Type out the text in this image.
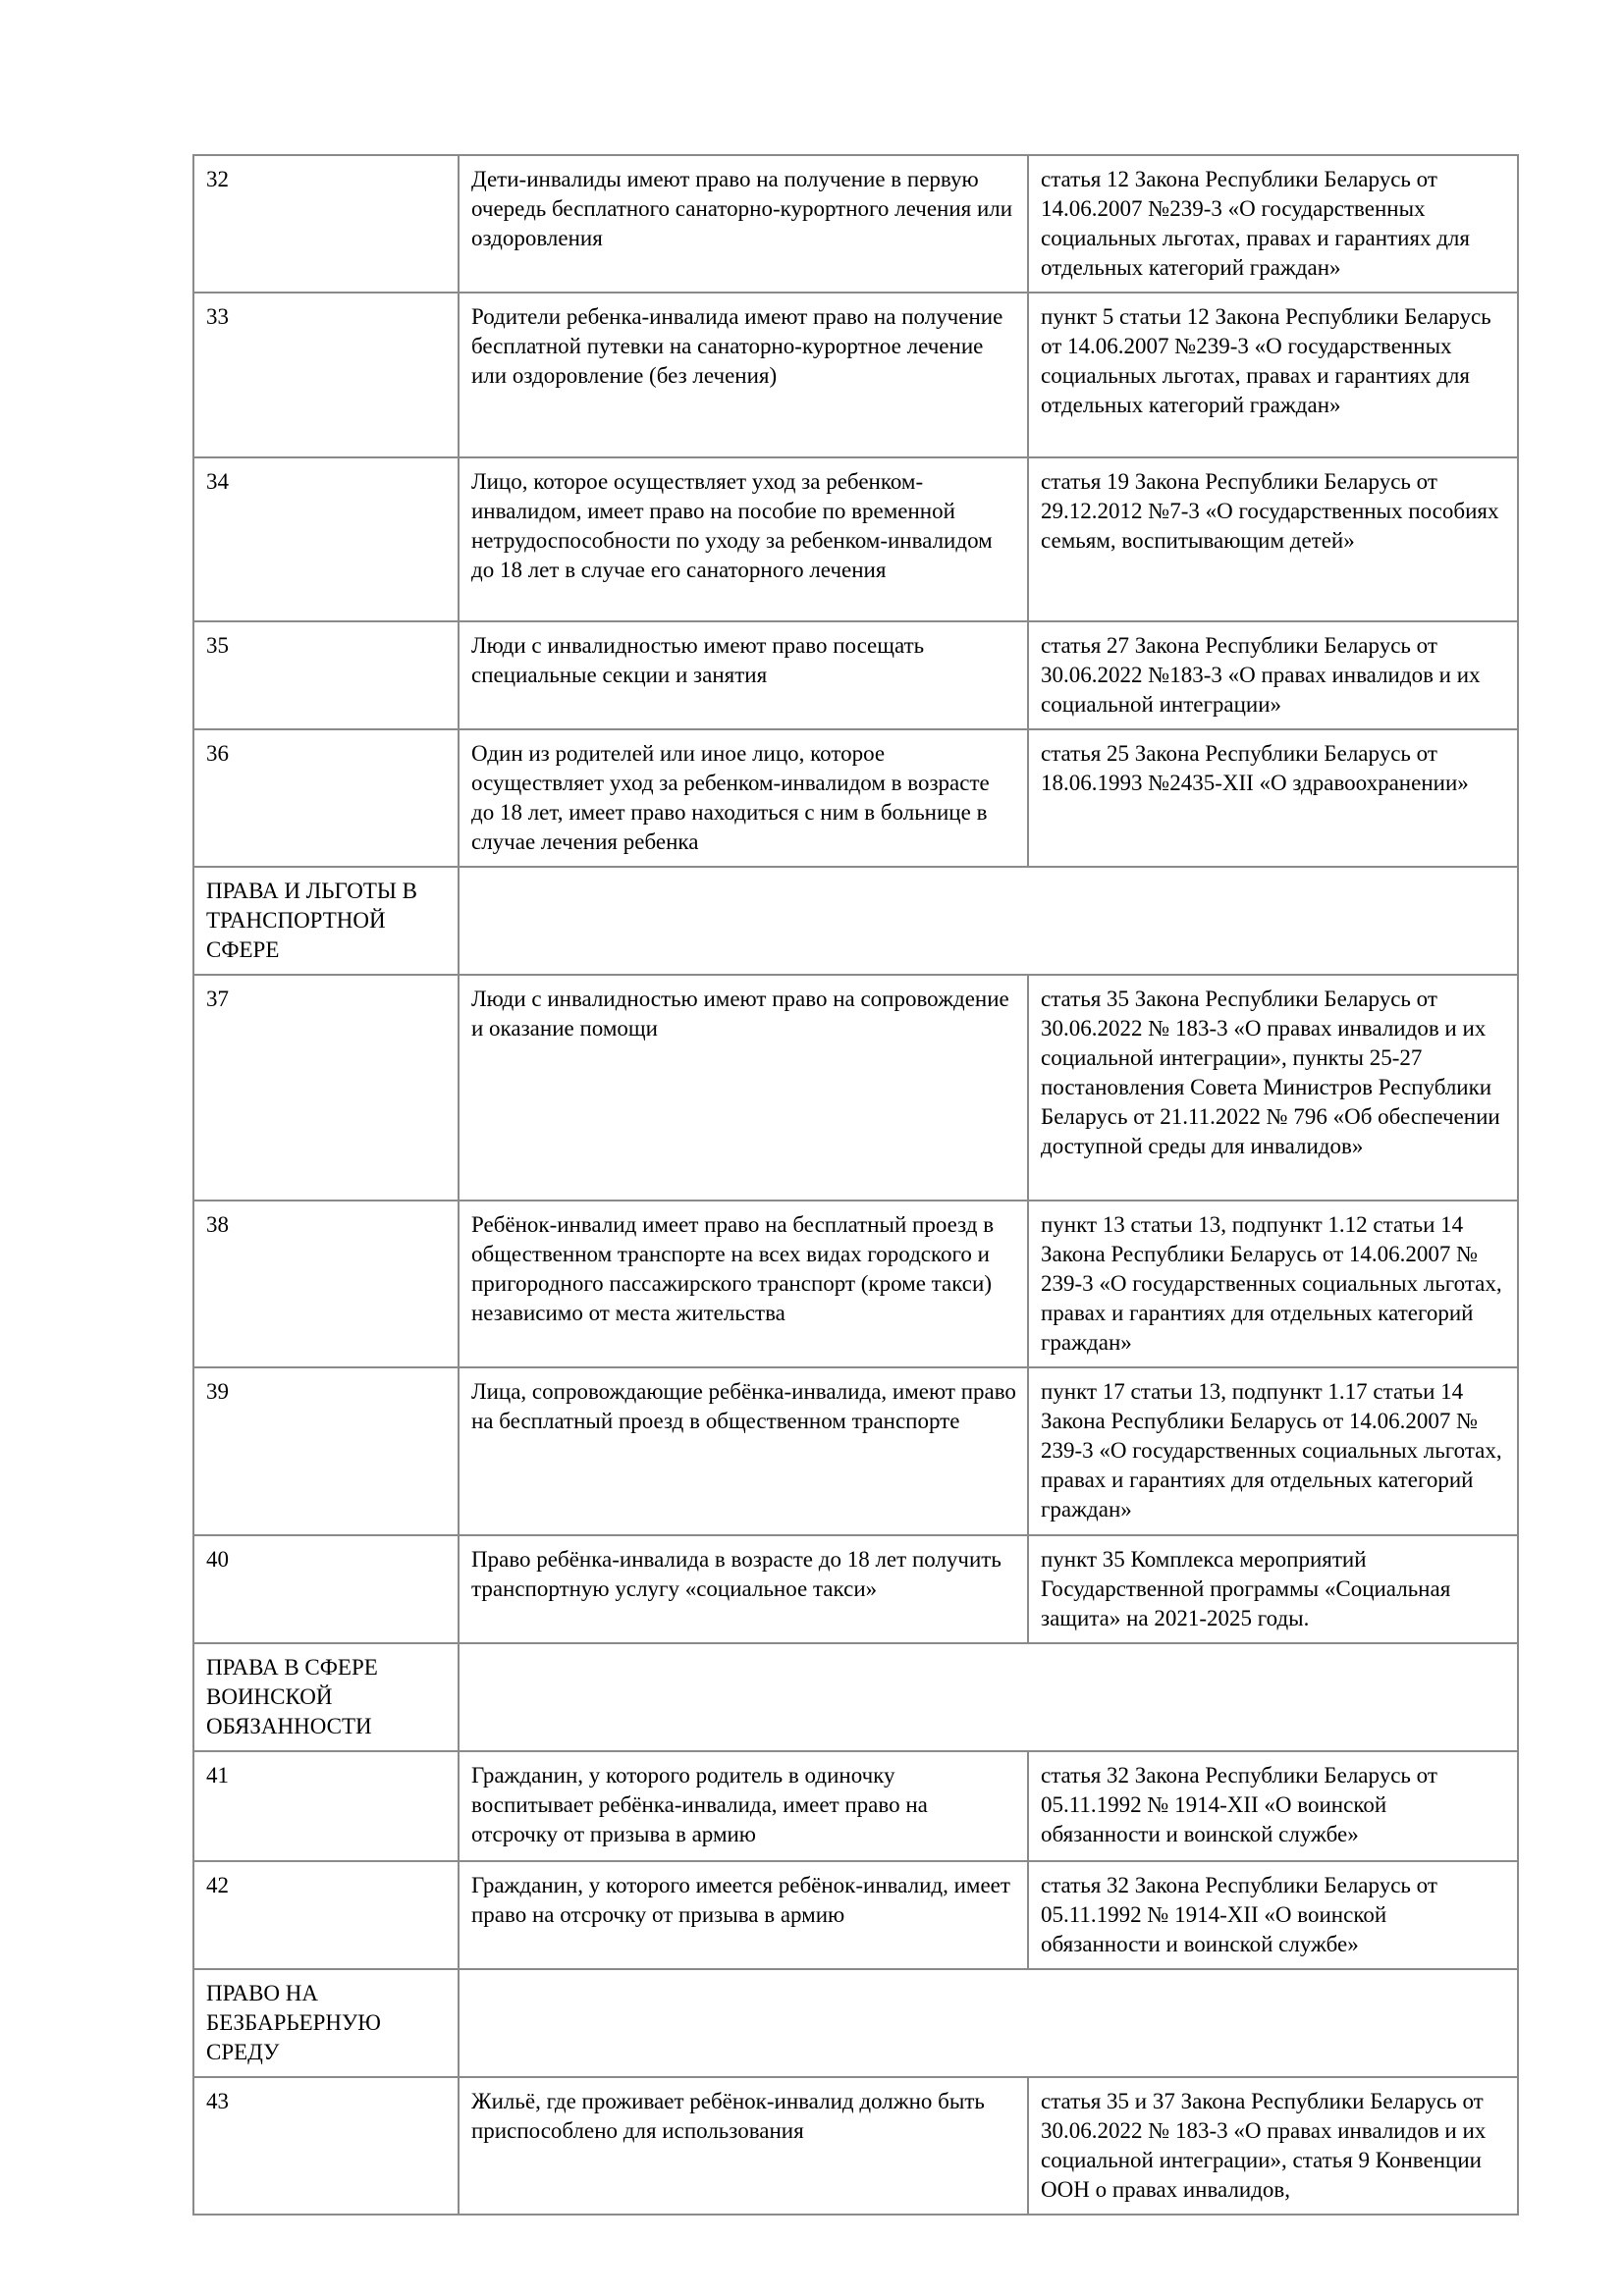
32	Дети-инвалиды имеют право на получение в первую очередь бесплатного санаторно-курортного лечения или оздоровления	статья 12 Закона Республики Беларусь от 14.06.2007 №239-3 «О государственных социальных льготах, правах и гарантиях для отдельных категорий граждан»
33	Родители ребенка-инвалида имеют право на получение бесплатной путевки на санаторно-курортное лечение или оздоровление (без лечения)	пункт 5 статьи 12 Закона Республики Беларусь от 14.06.2007 №239-3 «О государственных социальных льготах, правах и гарантиях для отдельных категорий граждан»
34	Лицо, которое осуществляет уход за ребенком-инвалидом, имеет право на пособие по временной нетрудоспособности по уходу за ребенком-инвалидом до 18 лет в случае его санаторного лечения	статья 19 Закона Республики Беларусь от 29.12.2012 №7-3 «О государственных пособиях семьям, воспитывающим детей»
35	Люди с инвалидностью имеют право посещать специальные секции и занятия	статья 27 Закона Республики Беларусь от 30.06.2022 №183-3 «О правах инвалидов и их социальной интеграции»
36	Один из родителей или иное лицо, которое осуществляет уход за ребенком-инвалидом в возрасте до 18 лет, имеет право находиться с ним в больнице в случае лечения ребенка	статья 25 Закона Республики Беларусь от 18.06.1993 №2435-XII «О здравоохранении»
ПРАВА И ЛЬГОТЫ В ТРАНСПОРТНОЙ СФЕРЕ		
37	Люди с инвалидностью имеют право на сопровождение и оказание помощи	статья 35 Закона Республики Беларусь от 30.06.2022 № 183-3 «О правах инвалидов и их социальной интеграции», пункты 25-27 постановления Совета Министров Республики Беларусь от 21.11.2022 № 796 «Об обеспечении доступной среды для инвалидов»
38	Ребёнок-инвалид имеет право на бесплатный проезд в общественном транспорте на всех видах городского и пригородного пассажирского транспорт (кроме такси) независимо от места жительства	пункт 13 статьи 13, подпункт 1.12 статьи 14 Закона Республики Беларусь от 14.06.2007 № 239-3 «О государственных социальных льготах, правах и гарантиях для отдельных категорий граждан»
39	Лица, сопровождающие ребёнка-инвалида, имеют право на бесплатный проезд в общественном транспорте	пункт 17 статьи 13, подпункт 1.17 статьи 14 Закона Республики Беларусь от 14.06.2007 № 239-3 «О государственных социальных льготах, правах и гарантиях для отдельных категорий граждан»
40	Право ребёнка-инвалида в возрасте до 18 лет получить транспортную услугу «социальное такси»	пункт 35 Комплекса мероприятий Государственной программы «Социальная защита» на 2021-2025 годы.
ПРАВА В СФЕРЕ ВОИНСКОЙ ОБЯЗАННОСТИ		
41	Гражданин, у которого родитель в одиночку воспитывает ребёнка-инвалида, имеет право на отсрочку от призыва в армию	статья 32 Закона Республики Беларусь от 05.11.1992 № 1914-XII «О воинской обязанности и воинской службе»
42	Гражданин, у которого имеется ребёнок-инвалид, имеет право на отсрочку от призыва в армию	статья 32 Закона Республики Беларусь от 05.11.1992 № 1914-XII «О воинской обязанности и воинской службе»
ПРАВО НА БЕЗБАРЬЕРНУЮ СРЕДУ		
43	Жильё, где проживает ребёнок-инвалид должно быть приспособлено для использования	статья 35 и 37 Закона Республики Беларусь от 30.06.2022 № 183-3 «О правах инвалидов и их социальной интеграции», статья 9 Конвенции ООН о правах инвалидов,
